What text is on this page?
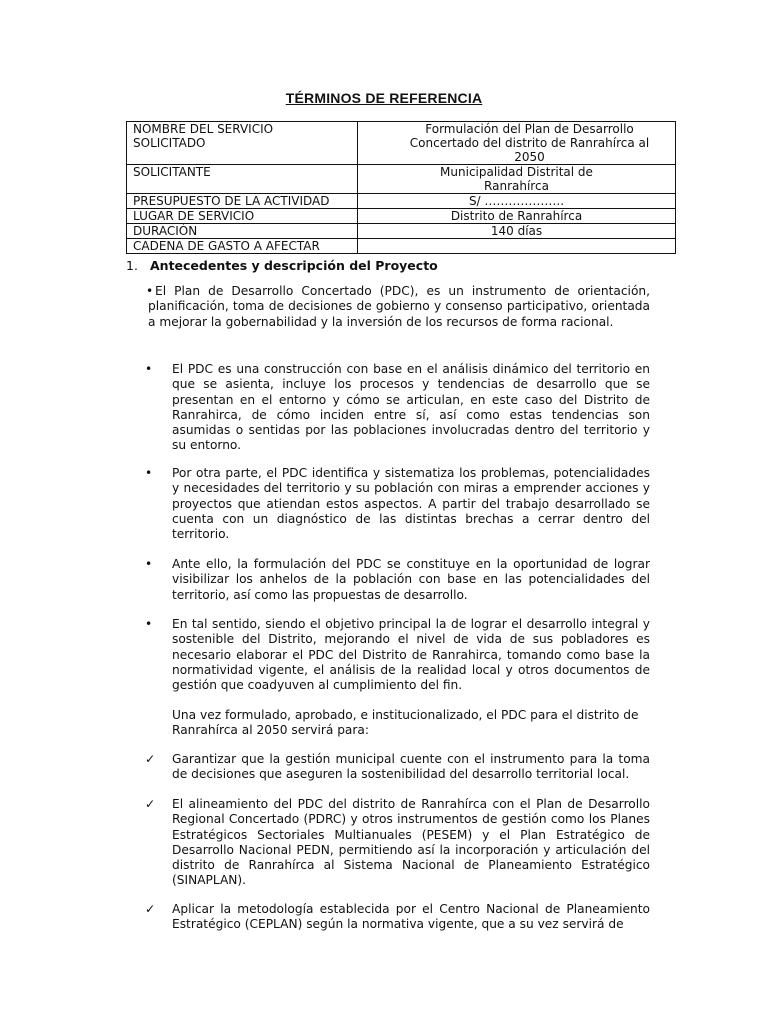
TÉRMINOS DE REFERENCIA
NOMBRE DEL SERVICIO
SOLICITADO	Formulación del Plan de Desarrollo Concertado del distrito de Ranrahírca al 2050
SOLICITANTE	Municipalidad Distrital de Ranrahírca
PRESUPUESTO DE LA ACTIVIDAD	S/ ………………..
LUGAR DE SERVICIO	Distrito de Ranrahírca
DURACIÓN	140 días
CADENA DE GASTO A AFECTAR	
1. Antecedentes y descripción del Proyecto
• El Plan de Desarrollo Concertado (PDC), es un instrumento de orientación, planificación, toma de decisiones de gobierno y consenso participativo, orientada a mejorar la gobernabilidad y la inversión de los recursos de forma racional.
•	El PDC es una construcción con base en el análisis dinámico del territorio en que se asienta, incluye los procesos y tendencias de desarrollo que se presentan en el entorno y cómo se articulan, en este caso del Distrito de Ranrahirca, de cómo inciden entre sí, así como estas tendencias son asumidas o sentidas por las poblaciones involucradas dentro del territorio y su entorno.
•	Por otra parte, el PDC identifica y sistematiza los problemas, potencialidades y necesidades del territorio y su población con miras a emprender acciones y proyectos que atiendan estos aspectos. A partir del trabajo desarrollado se cuenta con un diagnóstico de las distintas brechas a cerrar dentro del territorio.
•	Ante ello, la formulación del PDC se constituye en la oportunidad de lograr visibilizar los anhelos de la población con base en las potencialidades del territorio, así como las propuestas de desarrollo.
•	En tal sentido, siendo el objetivo principal la de lograr el desarrollo integral y sostenible del Distrito, mejorando el nivel de vida de sus pobladores es necesario elaborar el PDC del Distrito de Ranrahirca, tomando como base la normatividad vigente, el análisis de la realidad local y otros documentos de gestión que coadyuven al cumplimiento del fin.
Una vez formulado, aprobado, e institucionalizado, el PDC para el distrito de Ranrahírca al 2050 servirá para:
✓	Garantizar que la gestión municipal cuente con el instrumento para la toma de decisiones que aseguren la sostenibilidad del desarrollo territorial local.
✓	El alineamiento del PDC del distrito de Ranrahírca con el Plan de Desarrollo Regional Concertado (PDRC) y otros instrumentos de gestión como los Planes Estratégicos Sectoriales Multianuales (PESEM) y el Plan Estratégico de Desarrollo Nacional PEDN, permitiendo así la incorporación y articulación del distrito de Ranrahírca al Sistema Nacional de Planeamiento Estratégico (SINAPLAN).
✓	Aplicar la metodología establecida por el Centro Nacional de Planeamiento Estratégico (CEPLAN) según la normativa vigente, que a su vez servirá de
